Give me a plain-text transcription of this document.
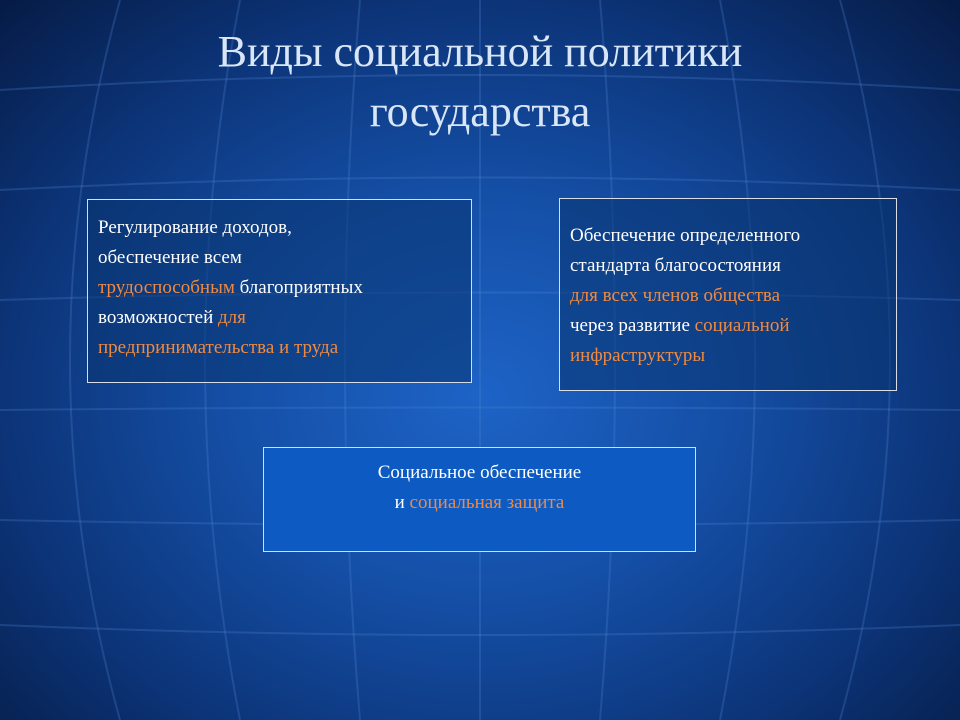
Виды социальной политики
государства
Регулирование доходов,
обеспечение всем
трудоспособным благоприятных
возможностей для
предпринимательства и труда
Обеспечение определенного
стандарта благосостояния
для всех членов общества
через развитие социальной
инфраструктуры
Социальное обеспечение
и социальная защита
